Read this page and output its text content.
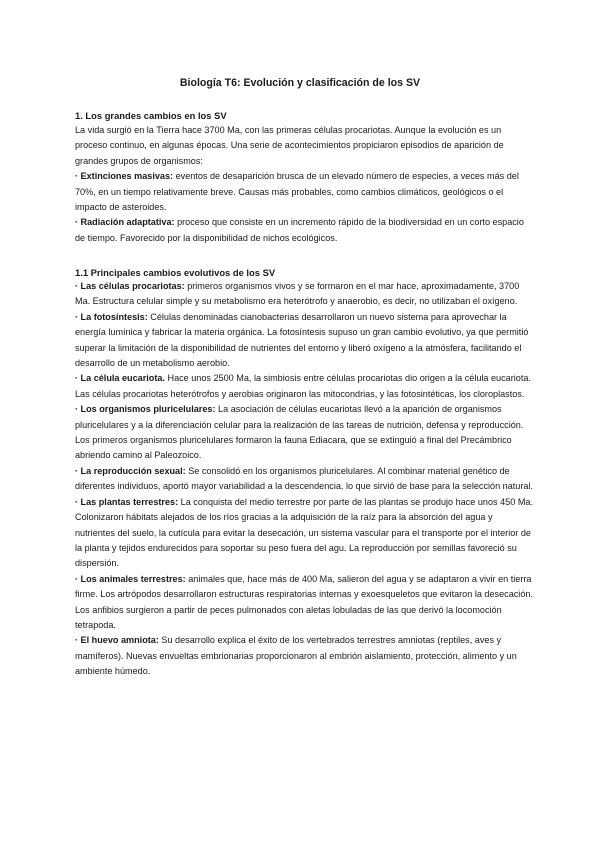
Biología T6: Evolución y clasificación de los SV
1. Los grandes cambios en los SV

La vida surgió en la Tierra hace 3700 Ma, con las primeras células procariotas. Aunque la evolución es un proceso continuo, en algunas épocas. Una serie de acontecimientos propiciaron episodios de aparición de grandes grupos de organismos:

· Extinciones masivas: eventos de desaparición brusca de un elevado número de especies, a veces más del 70%, en un tiempo relativamente breve. Causas más probables, como cambios climáticos, geológicos o el impacto de asteroides.

· Radiación adaptativa: proceso que consiste en un incremento rápido de la biodiversidad en un corto espacio de tiempo. Favorecido por la disponibilidad de nichos ecológicos.

1.1 Principales cambios evolutivos de los SV

· Las células procariotas: primeros organismos vivos y se formaron en el mar hace, aproximadamente, 3700 Ma. Estructura celular simple y su metabolismo era heterótrofo y anaerobio, es decir, no utilizaban el oxígeno.

· La fotosíntesis: Células denominadas cianobacterias desarrollaron un nuevo sistema para aprovechar la energía lumínica y fabricar la materia orgánica. La fotosíntesis supuso un gran cambio evolutivo, ya que permitió superar la limitación de la disponibilidad de nutrientes del entorno y liberó oxígeno a la atmósfera, facilitando el desarrollo de un metabolismo aerobio.

· La célula eucariota. Hace unos 2500 Ma, la simbiosis entre células procariotas dio origen a la célula eucariota. Las células procariotas heterótrofos y aerobias originaron las mitocondrias, y las fotosintéticas, los cloroplastos.

· Los organismos pluricelulares: La asociación de células eucariotas llevó a la aparición de organismos pluricelulares y a la diferenciación celular para la realización de las tareas de nutrición, defensa y reproducción. Los primeros organismos pluricelulares formaron la fauna Ediacara, que se extinguió a final del Precámbrico abriendo camino al Paleozoico.

· La reproducción sexual: Se consolidó en los organismos pluricelulares. Al combinar material genético de diferentes individuos, aportó mayor variabilidad a la descendencia, lo que sirvió de base para la selección natural.

· Las plantas terrestres: La conquista del medio terrestre por parte de las plantas se produjo hace unos 450 Ma. Colonizaron hábitats alejados de los ríos gracias a la adquisición de la raíz para la absorción del agua y nutrientes del suelo, la cutícula para evitar la desecación, un sistema vascular para el transporte por el interior de la planta y tejidos endurecidos para soportar su peso fuera del agu. La reproducción por semillas favoreció su dispersión.

· Los animales terrestres: animales que, hace más de 400 Ma, salieron del agua y se adaptaron a vivir en tierra firme. Los artrópodos desarrollaron estructuras respiratorias internas y exoesqueletos que evitaron la desecación. Los anfibios surgieron a partir de peces pulmonados con aletas lobuladas de las que derivó la locomoción tetrapoda.

· El huevo amniota: Su desarrollo explica el éxito de los vertebrados terrestres amniotas (reptiles, aves y mamíferos). Nuevas envueltas embrionarias proporcionaron al embrión aislamiento, protección, alimento y un ambiente húmedo.
